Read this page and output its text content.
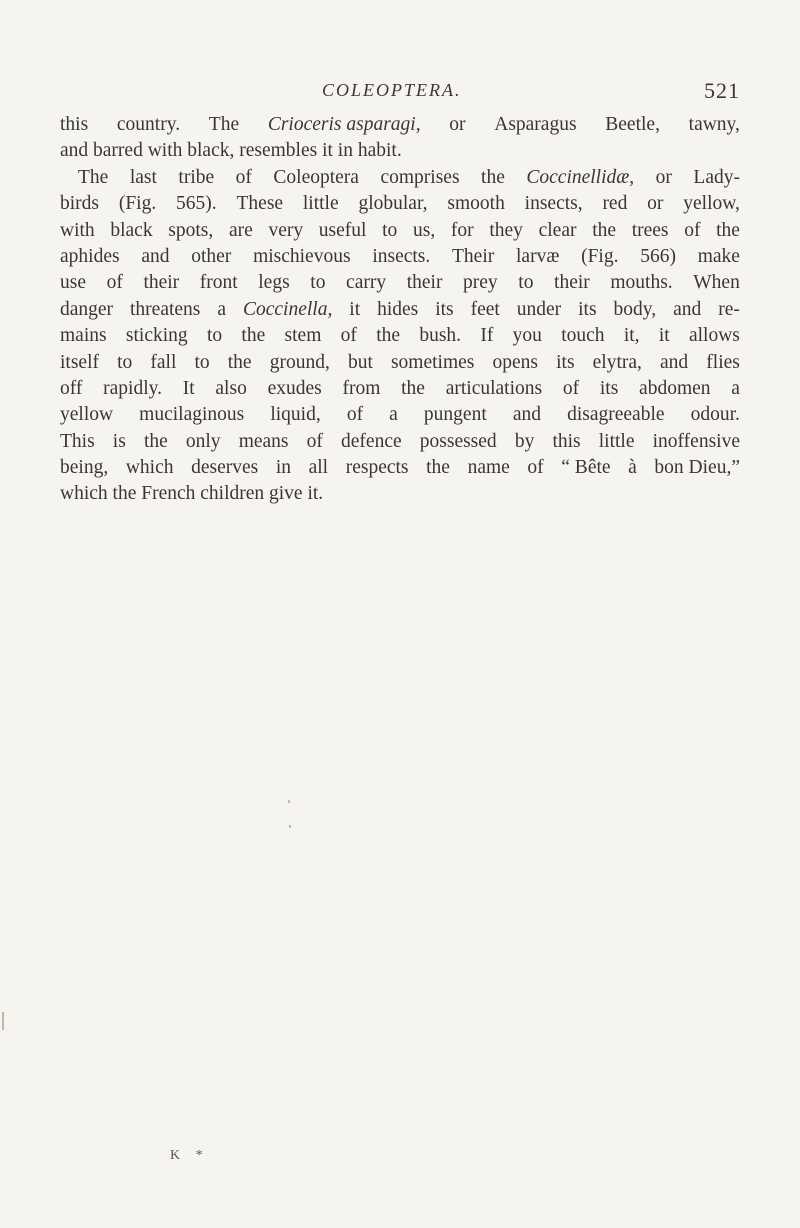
COLEOPTERA.	521
this country. The Crioceris asparagi, or Asparagus Beetle, tawny,
and barred with black, resembles it in habit.
The last tribe of Coleoptera comprises the Coccinellidæ, or Lady-
birds (Fig. 565). These little globular, smooth insects, red or yellow,
with black spots, are very useful to us, for they clear the trees of the
aphides and other mischievous insects. Their larvæ (Fig. 566) make
use of their front legs to carry their prey to their mouths. When
danger threatens a Coccinella, it hides its feet under its body, and re-
mains sticking to the stem of the bush. If you touch it, it allows
itself to fall to the ground, but sometimes opens its elytra, and flies
off rapidly. It also exudes from the articulations of its abdomen a
yellow mucilaginous liquid, of a pungent and disagreeable odour.
This is the only means of defence possessed by this little inoffensive
being, which deserves in all respects the name of “ Bête à bon Dieu,”
which the French children give it.
K *
